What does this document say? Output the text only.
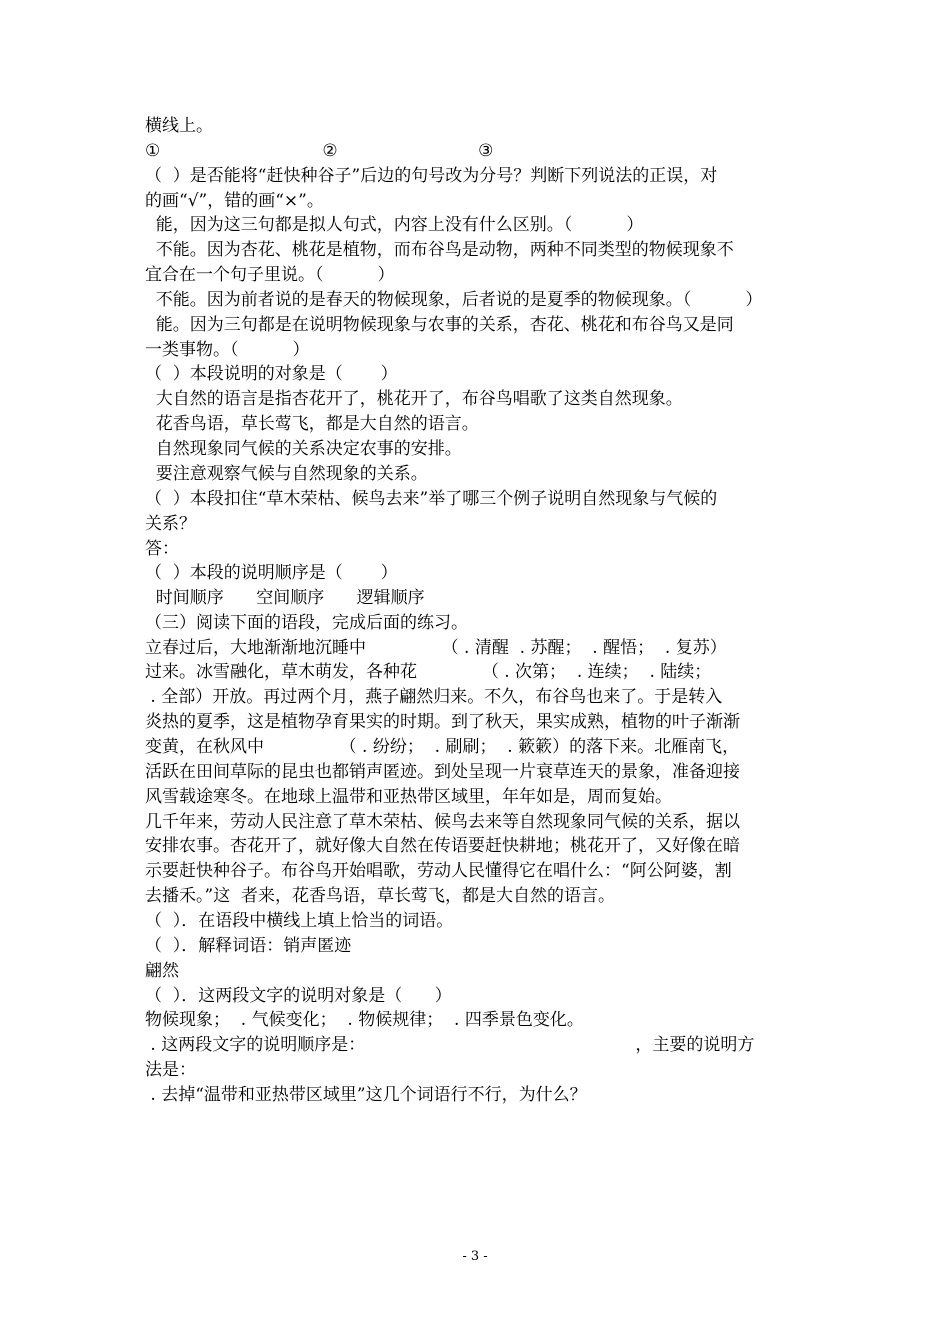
横线上。

①                              ②                          ③

（  ）是否能将“赶快种谷子”后边的句号改为分号？判断下列说法的正误，对

的画“√”，错的画“×”。

能，因为这三句都是拟人句式，内容上没有什么区别。（          ）

不能。因为杏花、桃花是植物，而布谷鸟是动物，两种不同类型的物候现象不

宜合在一个句子里说。（          ）

不能。因为前者说的是春天的物候现象，后者说的是夏季的物候现象。（          ）

能。因为三句都是在说明物候现象与农事的关系，杏花、桃花和布谷鸟又是同

一类事物。（          ）

（  ）本段说明的对象是（       ）

大自然的语言是指杏花开了，桃花开了，布谷鸟唱歌了这类自然现象。

花香鸟语，草长莺飞，都是大自然的语言。

自然现象同气候的关系决定农事的安排。

要注意观察气候与自然现象的关系。

（  ）本段扣住“草木荣枯、候鸟去来”举了哪三个例子说明自然现象与气候的

关系？

答：

（  ）本段的说明顺序是（       ）

时间顺序      空间顺序      逻辑顺序

（三）阅读下面的语段，完成后面的练习。

立春过后，大地渐渐地沉睡中              （ . 清醒  . 苏醒；  . 醒悟；  . 复苏）

过来。冰雪融化，草木萌发，各种花            （ . 次第；  . 连续；  . 陆续；

. 全部）开放。再过两个月，燕子翩然归来。不久，布谷鸟也来了。于是转入

炎热的夏季，这是植物孕育果实的时期。到了秋天，果实成熟，植物的叶子渐渐

变黄，在秋风中              （ . 纷纷；  . 刷刷；  . 簌簌）的落下来。北雁南飞，

活跃在田间草际的昆虫也都销声匿迹。到处呈现一片衰草连天的景象，准备迎接

风雪载途寒冬。在地球上温带和亚热带区域里，年年如是，周而复始。

几千年来，劳动人民注意了草木荣枯、候鸟去来等自然现象同气候的关系，据以

安排农事。杏花开了，就好像大自然在传语要赶快耕地；桃花开了，又好像在暗

示要赶快种谷子。布谷鸟开始唱歌，劳动人民懂得它在唱什么：“阿公阿婆，割

去播禾。”这  者来，花香鸟语，草长莺飞，都是大自然的语言。

（  ）．在语段中横线上填上恰当的词语。

（  ）．解释词语：销声匿迹

翩然

（  ）．这两段文字的说明对象是（      ）

物候现象；  . 气候变化；  . 物候规律；  . 四季景色变化。

. 这两段文字的说明顺序是：                                                  ，主要的说明方

法是：

. 去掉“温带和亚热带区域里”这几个词语行不行，为什么？

- 3 -
